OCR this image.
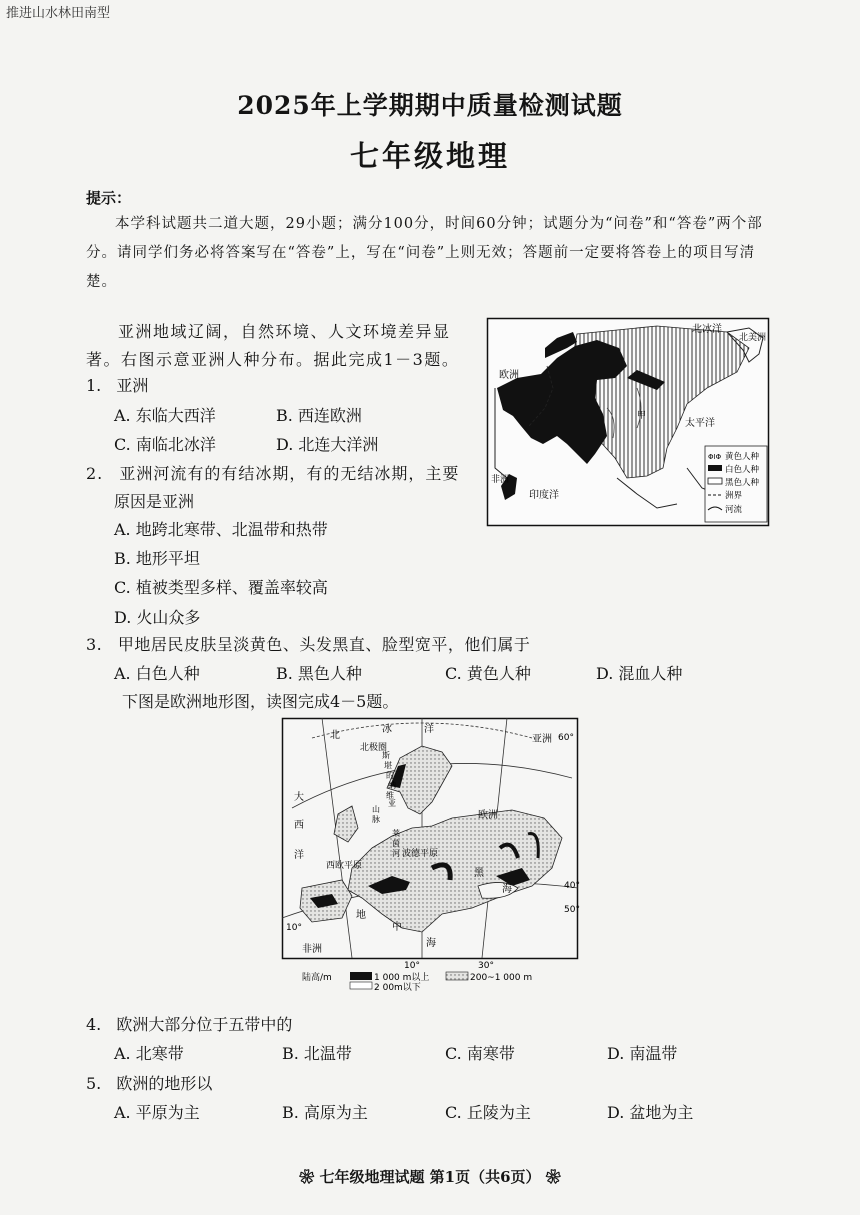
推进山水林田南型
2025年上学期期中质量检测试题
七年级地理
提示：
本学科试题共二道大题，29小题；满分100分，时间60分钟；试题分为“问卷”和“答卷”两个部分。请同学们务必将答案写在“答卷”上，写在“问卷”上则无效；答题前一定要将答卷上的项目写清楚。
亚洲地域辽阔，自然环境、人文环境差异显著。右图示意亚洲人种分布。据此完成1－3题。
1. 亚洲
A. 东临大西洋	B. 西连欧洲
C. 南临北冰洋	D. 北连大洋洲
2. 亚洲河流有的有结冰期，有的无结冰期，主要
原因是亚洲
A. 地跨北寒带、北温带和热带
B. 地形平坦
C. 植被类型多样、覆盖率较高
D. 火山众多
3. 甲地居民皮肤呈淡黄色、头发黑直、脸型宽平，他们属于
A. 白色人种	B. 黑色人种	C. 黄色人种	D. 混血人种
下图是欧洲地形图，读图完成4－5题。
4. 欧洲大部分位于五带中的
A. 北寒带	B. 北温带	C. 南寒带	D. 南温带
5. 欧洲的地形以
A. 平原为主	B. 高原为主	C. 丘陵为主	D. 盆地为主
北冰洋
北美洲
欧洲
太平洋
非洲
印度洋
甲
ΦΙΦ 黄色人种
白色人种
黑色人种
洲界
河流
北
冰	洋
北极圈
亚洲
欧洲
大
西
洋
斯
堪
的
纳
维
亚
山
脉
西欧平原
波德平原
莱
茵
河
黑
海
地
中
海
非洲
60°
40°
50°
10°
10°	30°
陆高/m	1 000 m以上	200~1 000 m
2 00m以下
❀ 七年级地理试题 第1页（共6页） ❀
